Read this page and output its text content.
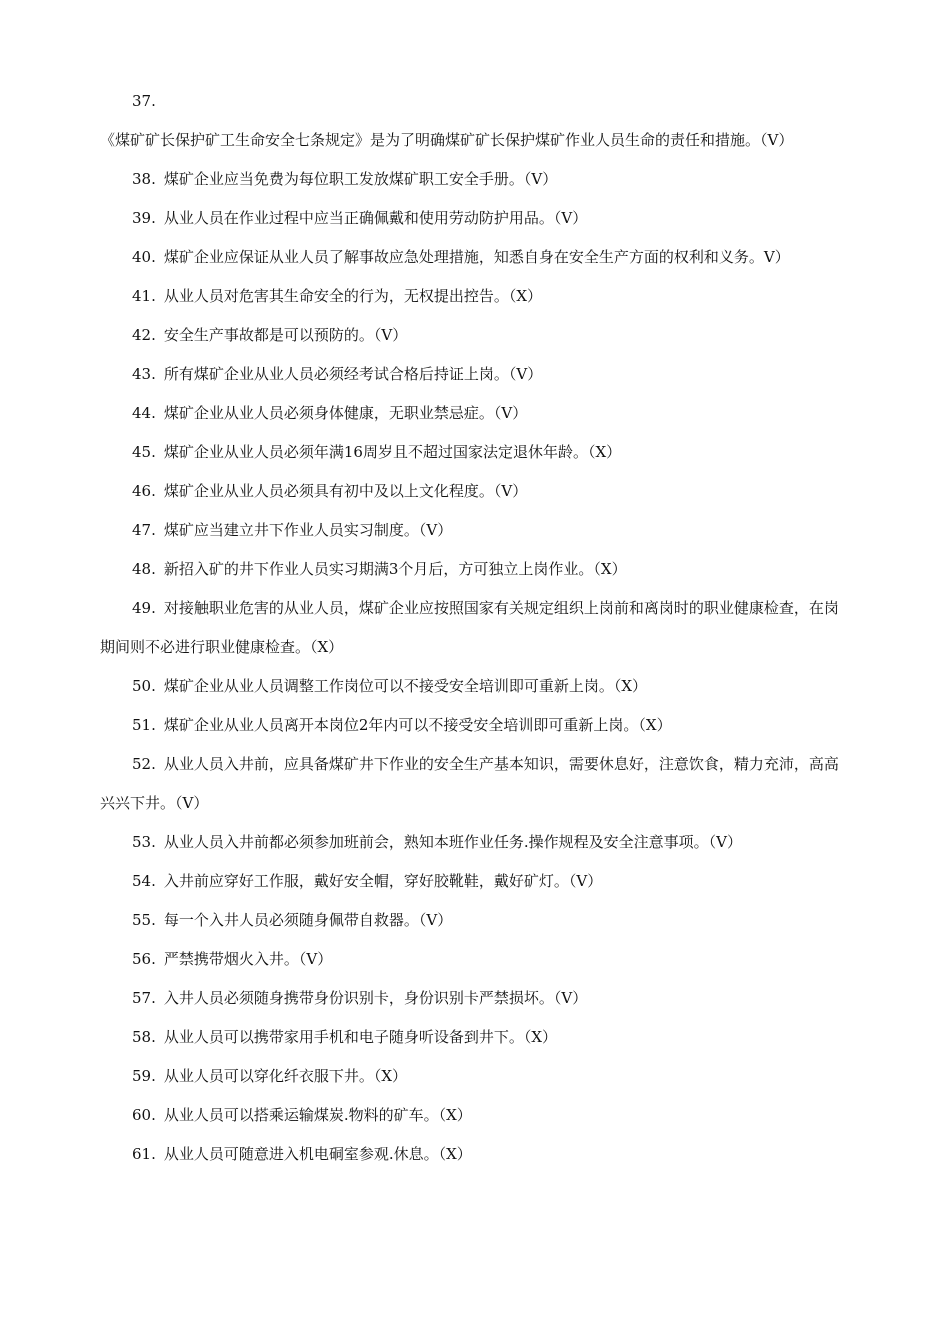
37.《煤矿矿长保护矿工生命安全七条规定》是为了明确煤矿矿长保护煤矿作业人员生命的责任和措施。（V）

38. 煤矿企业应当免费为每位职工发放煤矿职工安全手册。（V）

39. 从业人员在作业过程中应当正确佩戴和使用劳动防护用品。（V）

40. 煤矿企业应保证从业人员了解事故应急处理措施，知悉自身在安全生产方面的权利和义务。V）

41. 从业人员对危害其生命安全的行为，无权提出控告。（X）

42. 安全生产事故都是可以预防的。（V）

43. 所有煤矿企业从业人员必须经考试合格后持证上岗。（V）

44. 煤矿企业从业人员必须身体健康，无职业禁忌症。（V）

45. 煤矿企业从业人员必须年满16周岁且不超过国家法定退休年龄。（X）

46. 煤矿企业从业人员必须具有初中及以上文化程度。（V）

47. 煤矿应当建立井下作业人员实习制度。（V）

48. 新招入矿的井下作业人员实习期满3个月后，方可独立上岗作业。（X）

49. 对接触职业危害的从业人员，煤矿企业应按照国家有关规定组织上岗前和离岗时的职业健康检查，在岗期间则不必进行职业健康检查。（X）

50. 煤矿企业从业人员调整工作岗位可以不接受安全培训即可重新上岗。（X）

51. 煤矿企业从业人员离开本岗位2年内可以不接受安全培训即可重新上岗。（X）

52. 从业人员入井前，应具备煤矿井下作业的安全生产基本知识，需要休息好，注意饮食，精力充沛，高高兴兴下井。（V）

53. 从业人员入井前都必须参加班前会，熟知本班作业任务.操作规程及安全注意事项。（V）

54. 入井前应穿好工作服，戴好安全帽，穿好胶靴鞋，戴好矿灯。（V）

55. 每一个入井人员必须随身佩带自救器。（V）

56. 严禁携带烟火入井。（V）

57. 入井人员必须随身携带身份识别卡，身份识别卡严禁损坏。（V）

58. 从业人员可以携带家用手机和电子随身听设备到井下。（X）

59. 从业人员可以穿化纤衣服下井。（X）

60. 从业人员可以搭乘运输煤炭.物料的矿车。（X）

61. 从业人员可随意进入机电硐室参观.休息。（X）
